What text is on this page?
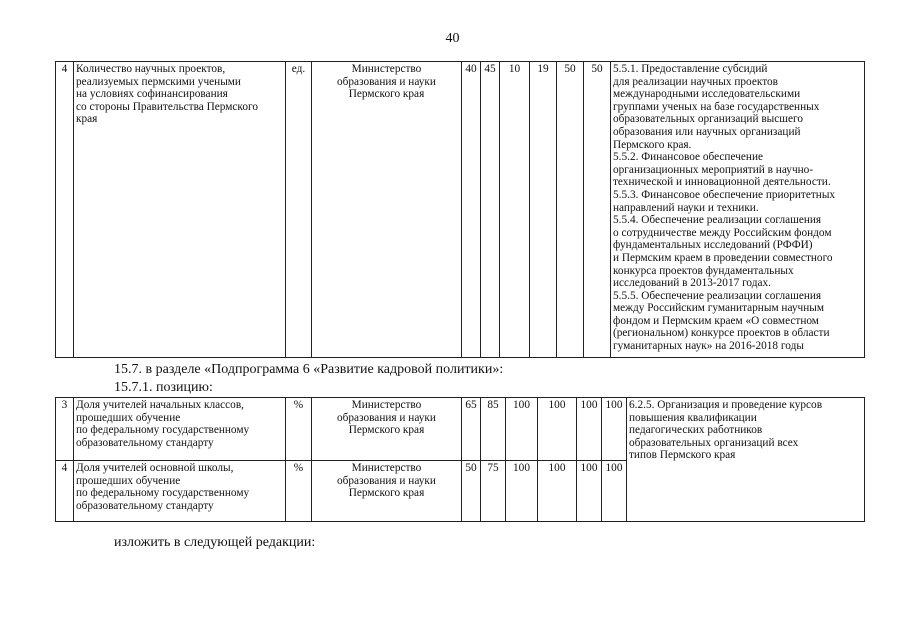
40
4	Количество научных проектов,
реализуемых пермскими учеными
на условиях софинансирования
со стороны Правительства Пермского
края
	ед.	Министерство
образования и науки
Пермского края
	40	45	10	19	50	50	5.5.1. Предоставление субсидий
для реализации научных проектов
международными исследовательскими
группами ученых на базе государственных
образовательных организаций высшего
образования или научных организаций
Пермского края.
5.5.2. Финансовое обеспечение
организационных мероприятий в научно-
технической и инновационной деятельности.
5.5.3. Финансовое обеспечение приоритетных
направлений науки и техники.
5.5.4. Обеспечение реализации соглашения
о сотрудничестве между Российским фондом
фундаментальных исследований (РФФИ)
и Пермским краем в проведении совместного
конкурса проектов фундаментальных
исследований в 2013-2017 годах.
5.5.5. Обеспечение реализации соглашения
между Российским гуманитарным научным
фондом и Пермским краем «О совместном
(региональном) конкурсе проектов в области
гуманитарных наук» на 2016-2018 годы
15.7. в разделе «Подпрограмма 6 «Развитие кадровой политики»:
15.7.1. позицию:
3	Доля учителей начальных классов,
прошедших обучение
по федеральному государственному
образовательному стандарту	%	Министерство
образования и науки
Пермского края	65	85	100	100	100	100	6.2.5. Организация и проведение курсов
повышения квалификации
педагогических работников
образовательных организаций всех
типов Пермского края

4	Доля учителей основной школы,
прошедших обучение
по федеральному государственному
образовательному стандарту	%	Министерство
образования и науки
Пермского края	50	75	100	100	100	100	
изложить в следующей редакции:
